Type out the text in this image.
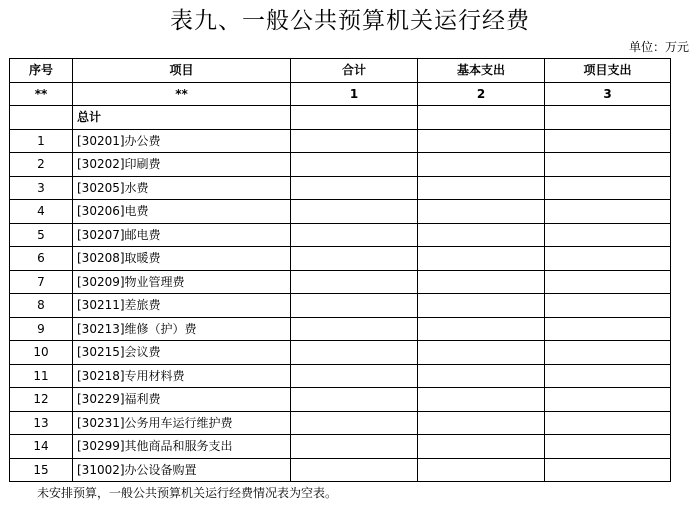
表九、一般公共预算机关运行经费
单位：万元
序号	项目	合计	基本支出	项目支出
**	**	1	2	3
	总计			
1	[30201]办公费			
2	[30202]印刷费			
3	[30205]水费			
4	[30206]电费			
5	[30207]邮电费			
6	[30208]取暖费			
7	[30209]物业管理费			
8	[30211]差旅费			
9	[30213]维修（护）费			
10	[30215]会议费			
11	[30218]专用材料费			
12	[30229]福利费			
13	[30231]公务用车运行维护费			
14	[30299]其他商品和服务支出			
15	[31002]办公设备购置			
未安排预算，一般公共预算机关运行经费情况表为空表。
